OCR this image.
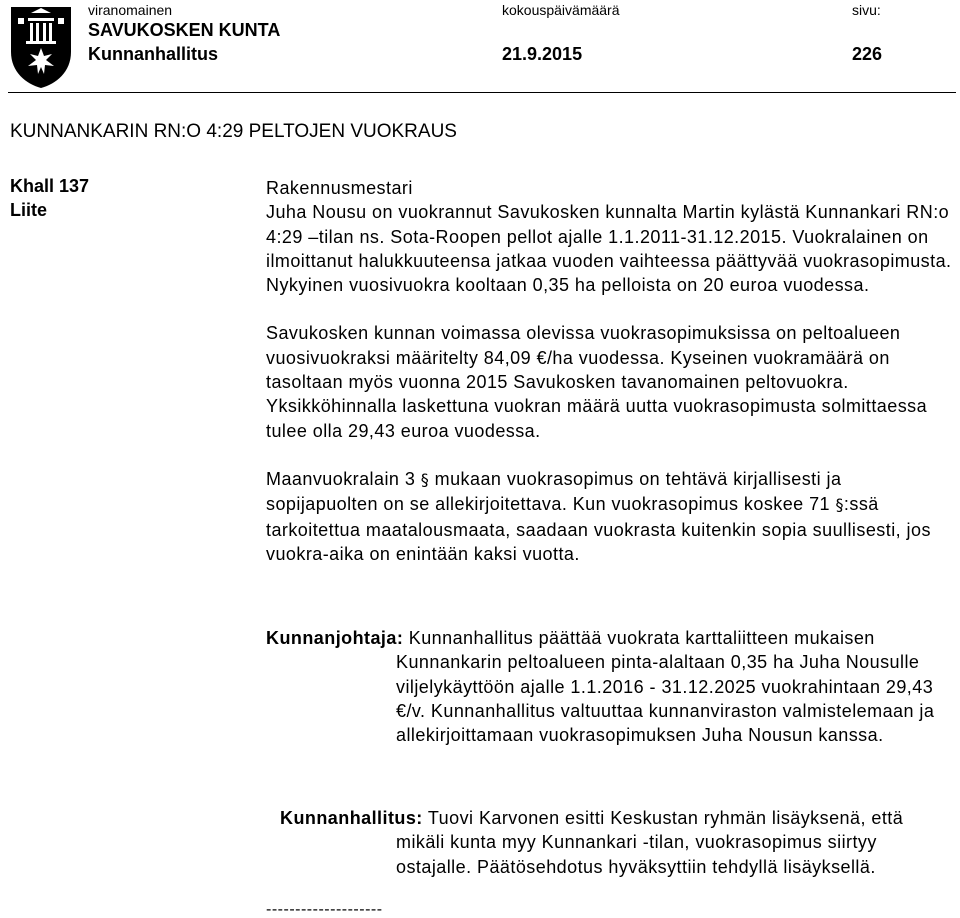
viranomainen	kokouspäivämäärä	sivu:
SAVUKOSKEN KUNTA
Kunnanhallitus	21.9.2015	226
KUNNANKARIN RN:O 4:29 PELTOJEN VUOKRAUS
Khall 137
Liite

Rakennusmestari

Juha Nousu on vuokrannut Savukosken kunnalta Martin kylästä Kunnankari RN:o 4:29 –tilan ns. Sota-Roopen pellot ajalle 1.1.2011-31.12.2015. Vuokralainen on ilmoittanut halukkuuteensa jatkaa vuoden vaihteessa päättyvää vuokrasopimusta. Nykyinen vuosivuokra kooltaan 0,35 ha pelloista on 20 euroa vuodessa.

Savukosken kunnan voimassa olevissa vuokrasopimuksissa on peltoalueen vuosivuokraksi määritelty 84,09 €/ha vuodessa. Kyseinen vuokramäärä on tasoltaan myös vuonna 2015 Savukosken tavanomainen peltovuokra. Yksikköhinnalla laskettuna vuokran määrä uutta vuokrasopimusta solmittaessa tulee olla 29,43 euroa vuodessa.

Maanvuokralain 3 § mukaan vuokrasopimus on tehtävä kirjallisesti ja sopijapuolten on se allekirjoitettava. Kun vuokrasopimus koskee 71 §:ssä tarkoitettua maatalousmaata, saadaan vuokrasta kuitenkin sopia suullisesti, jos vuokra-aika on enintään kaksi vuotta.

Kunnanjohtaja: Kunnanhallitus päättää vuokrata karttaliitteen mukaisen Kunnankarin peltoalueen pinta-alaltaan 0,35 ha Juha Nousulle viljelykäyttöön ajalle 1.1.2016 - 31.12.2025 vuokrahintaan 29,43 €/v. Kunnanhallitus valtuuttaa kunnanviraston valmistelemaan ja allekirjoittamaan vuokrasopimuksen Juha Nousun kanssa.
Kunnanhallitus: Tuovi Karvonen esitti Keskustan ryhmän lisäyksenä, että mikäli kunta myy Kunnankari -tilan, vuokrasopimus siirtyy ostajalle. Päätösehdotus hyväksyttiin tehdyllä lisäyksellä.
--------------------
